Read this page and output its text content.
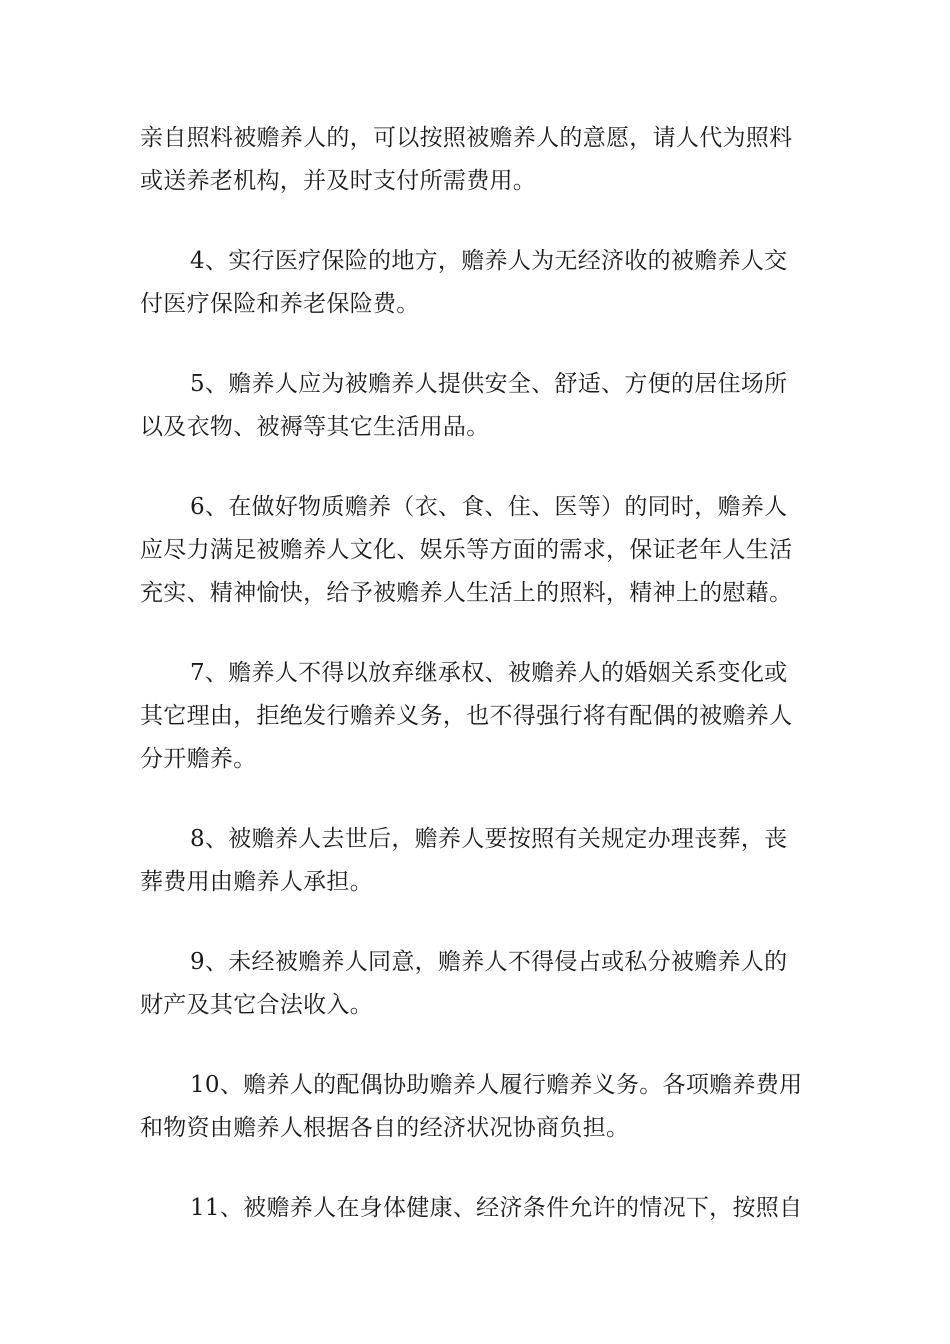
亲自照料被赡养人的，可以按照被赡养人的意愿，请人代为照料
或送养老机构，并及时支付所需费用。

4、实行医疗保险的地方，赡养人为无经济收的被赡养人交
付医疗保险和养老保险费。

5、赡养人应为被赡养人提供安全、舒适、方便的居住场所
以及衣物、被褥等其它生活用品。

6、在做好物质赡养（衣、食、住、医等）的同时，赡养人
应尽力满足被赡养人文化、娱乐等方面的需求，保证老年人生活
充实、精神愉快，给予被赡养人生活上的照料，精神上的慰藉。

7、赡养人不得以放弃继承权、被赡养人的婚姻关系变化或
其它理由，拒绝发行赡养义务，也不得强行将有配偶的被赡养人
分开赡养。

8、被赡养人去世后，赡养人要按照有关规定办理丧葬，丧
葬费用由赡养人承担。

9、未经被赡养人同意，赡养人不得侵占或私分被赡养人的
财产及其它合法收入。

10、赡养人的配偶协助赡养人履行赡养义务。各项赡养费用
和物资由赡养人根据各自的经济状况协商负担。

11、被赡养人在身体健康、经济条件允许的情况下，按照自
